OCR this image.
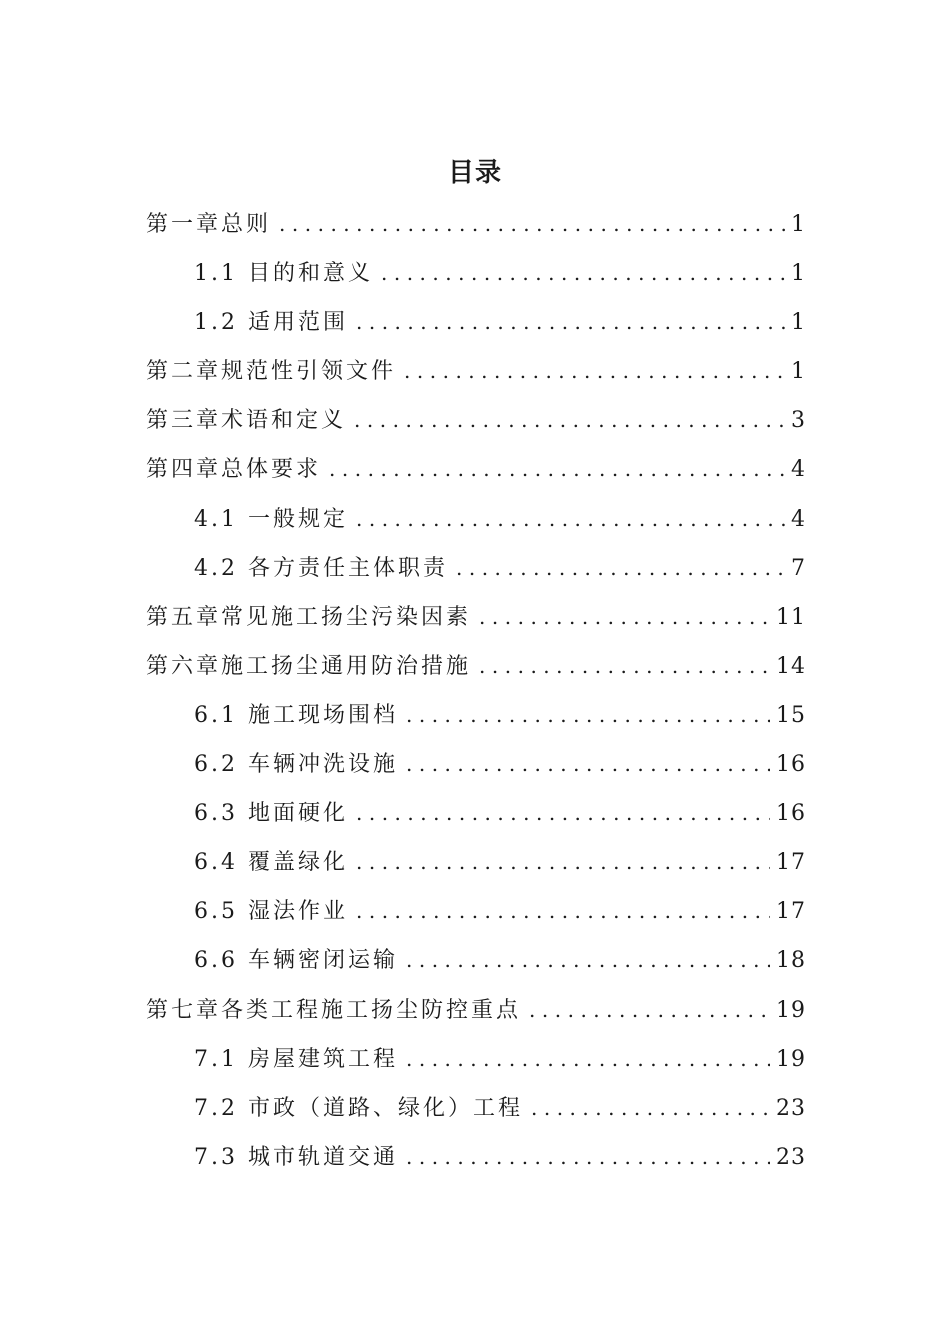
目录
第一章总则 .....	1
1.1 目的和意义 .....	1
1.2 适用范围 .....	1
第二章规范性引领文件 .....	1
第三章术语和定义 .....	3
第四章总体要求 .....	4
4.1 一般规定 .....	4
4.2 各方责任主体职责 .....	7
第五章常见施工扬尘污染因素 .....	11
第六章施工扬尘通用防治措施 .....	14
6.1 施工现场围档 .....	15
6.2 车辆冲洗设施 .....	16
6.3 地面硬化 .....	16
6.4 覆盖绿化 .....	17
6.5 湿法作业 .....	17
6.6 车辆密闭运输 .....	18
第七章各类工程施工扬尘防控重点 .....	19
7.1 房屋建筑工程 .....	19
7.2 市政（道路、绿化）工程 .....	23
7.3 城市轨道交通 .....	23
